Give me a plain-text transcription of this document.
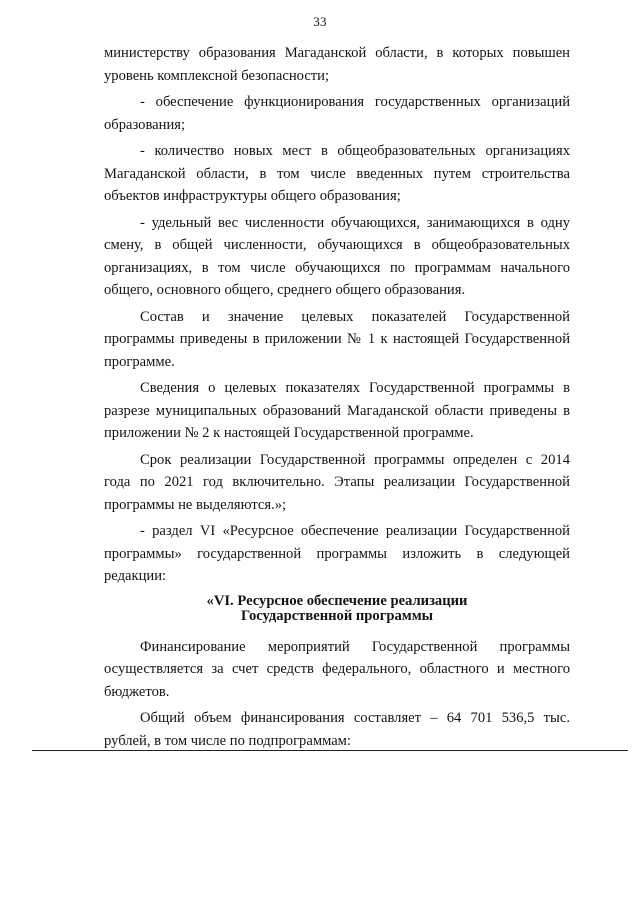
33

министерству образования Магаданской области, в которых повышен уровень комплексной безопасности;

- обеспечение функционирования государственных организаций образования;

- количество новых мест в общеобразовательных организациях Магаданской области, в том числе введенных путем строительства объектов инфраструктуры общего образования;

- удельный вес численности обучающихся, занимающихся в одну смену, в общей численности, обучающихся в общеобразовательных организациях, в том числе обучающихся по программам начального общего, основного общего, среднего общего образования.

Состав и значение целевых показателей Государственной программы приведены в приложении № 1 к настоящей Государственной программе.

Сведения о целевых показателях Государственной программы в разрезе муниципальных образований Магаданской области приведены в приложении № 2 к настоящей Государственной программе.

Срок реализации Государственной программы определен с 2014 года по 2021 год включительно. Этапы реализации Государственной программы не выделяются.»;

- раздел VI «Ресурсное обеспечение реализации Государственной программы» государственной программы изложить в следующей редакции:

«VI. Ресурсное обеспечение реализации
Государственной программы

Финансирование мероприятий Государственной программы осуществляется за счет средств федерального, областного и местного бюджетов.

Общий объем финансирования составляет – 64 701 536,5 тыс. рублей, в том числе по подпрограммам:
